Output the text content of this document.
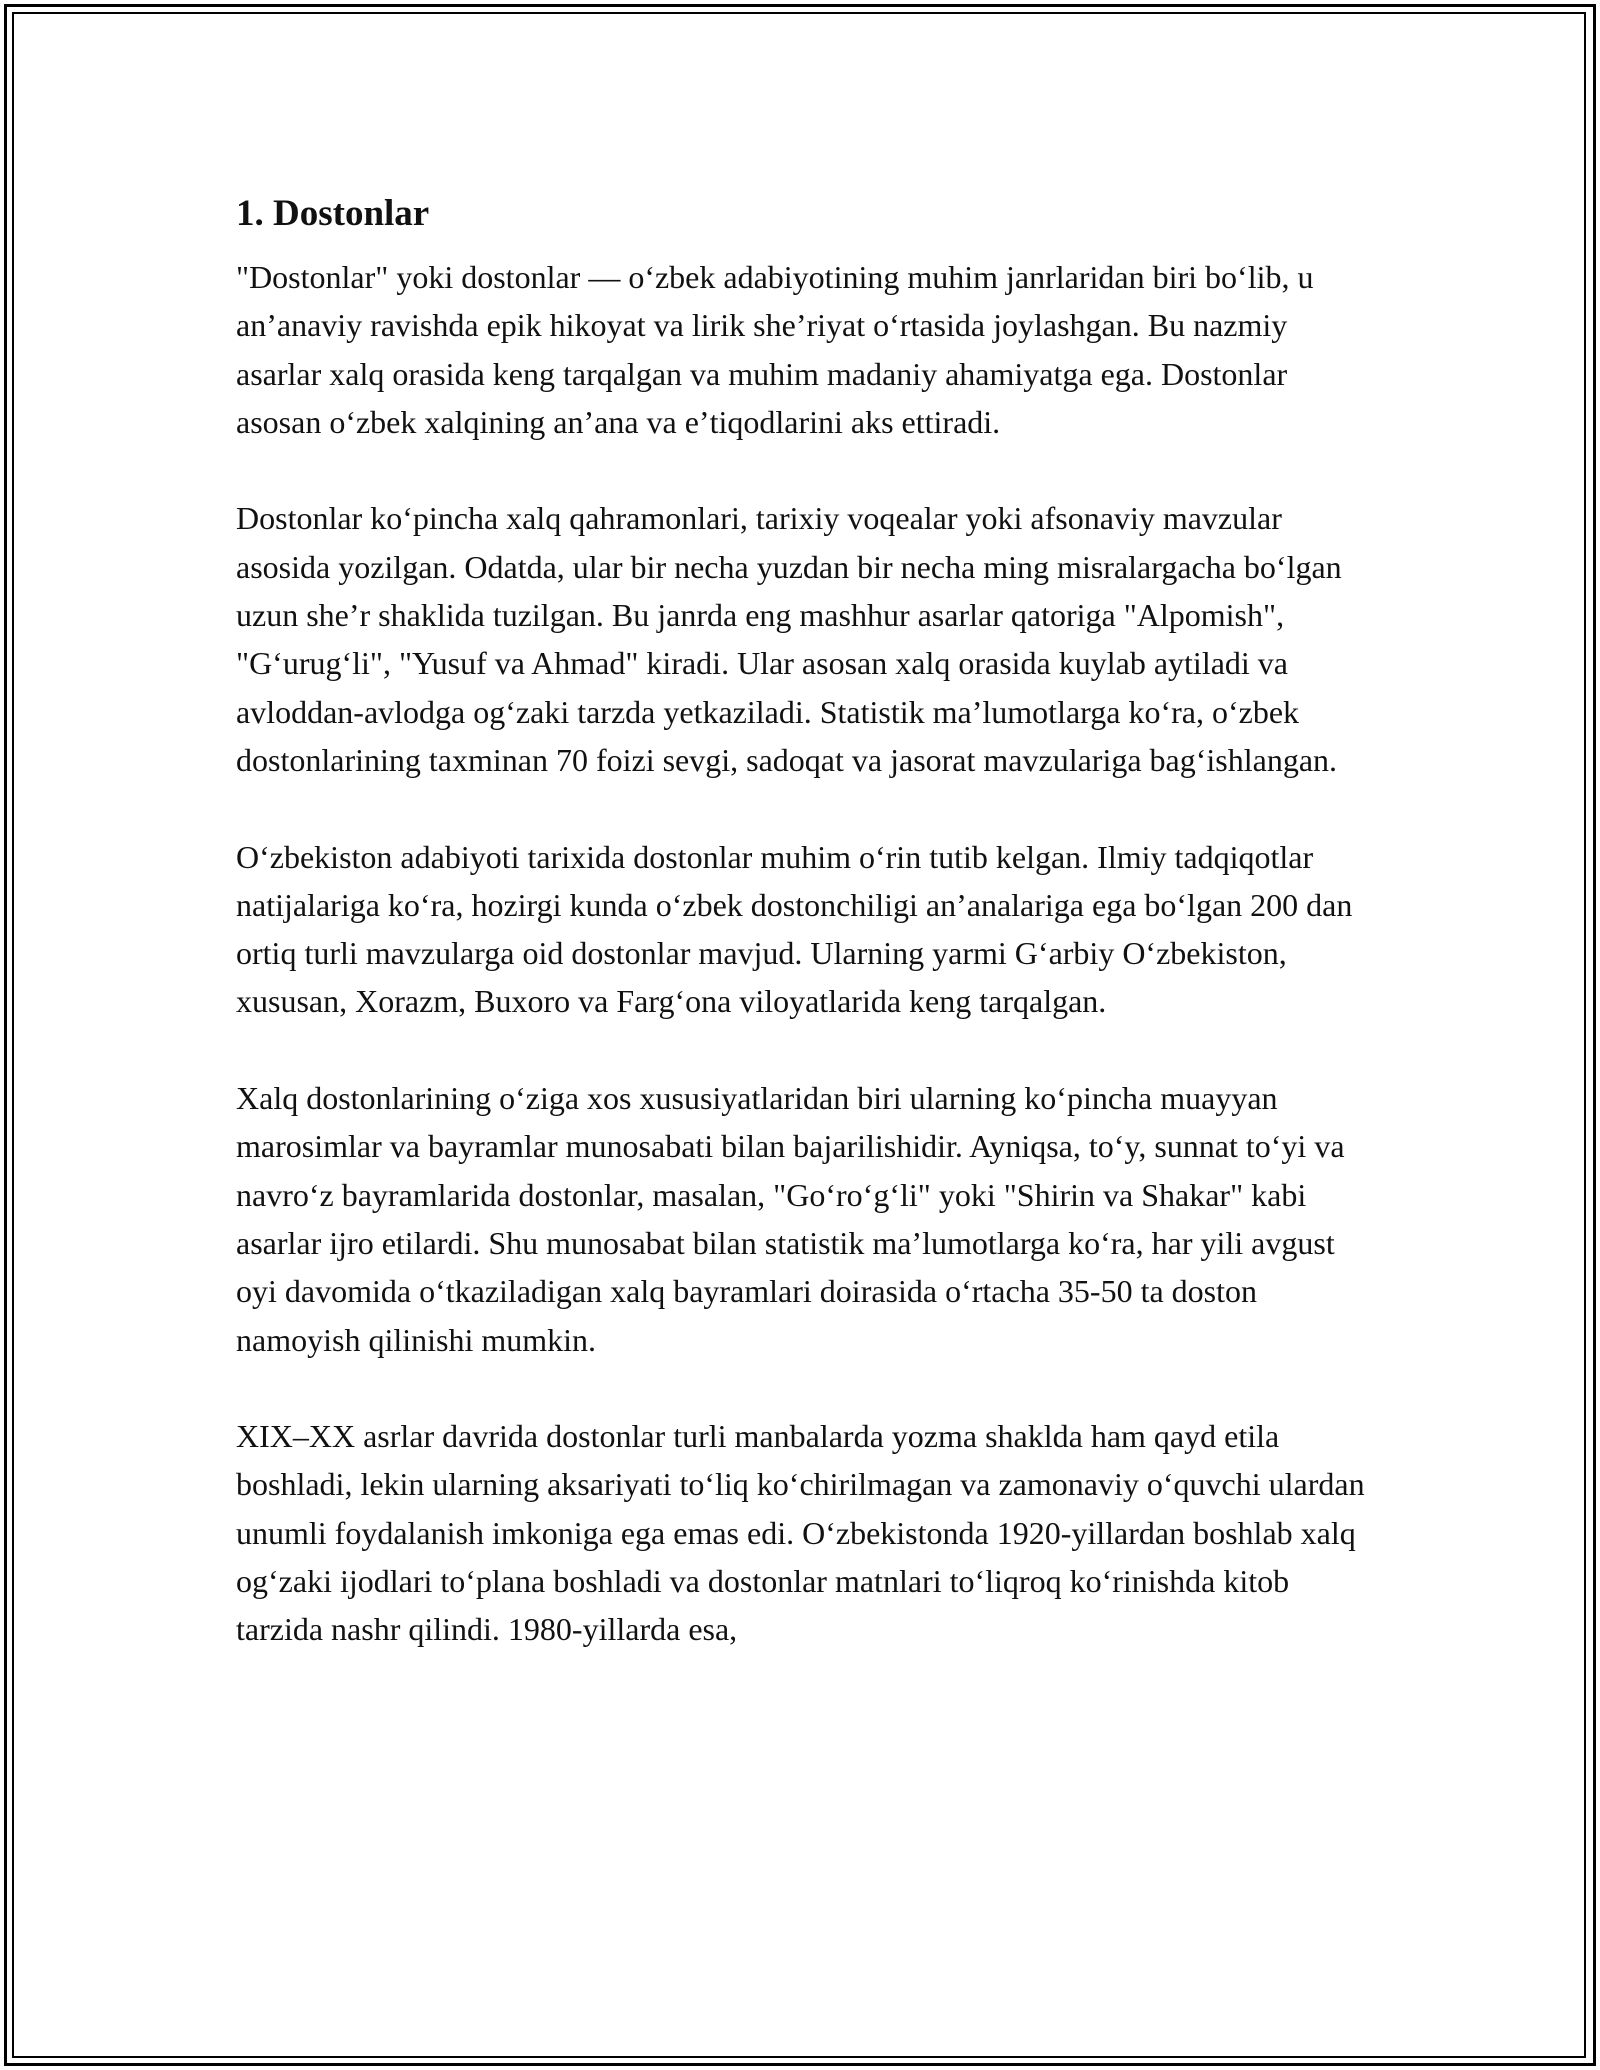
1. Dostonlar

"Dostonlar" yoki dostonlar — oʻzbek adabiyotining muhim janrlaridan biri boʻlib, u anʼanaviy ravishda epik hikoyat va lirik sheʼriyat oʻrtasida joylashgan. Bu nazmiy asarlar xalq orasida keng tarqalgan va muhim madaniy ahamiyatga ega. Dostonlar asosan oʻzbek xalqining anʼana va eʼtiqodlarini aks ettiradi.

Dostonlar koʻpincha xalq qahramonlari, tarixiy voqealar yoki afsonaviy mavzular asosida yozilgan. Odatda, ular bir necha yuzdan bir necha ming misralargacha boʻlgan uzun sheʼr shaklida tuzilgan. Bu janrda eng mashhur asarlar qatoriga "Alpomish", "Gʻurugʻli", "Yusuf va Ahmad" kiradi. Ular asosan xalq orasida kuylab aytiladi va avloddan-avlodga ogʻzaki tarzda yetkaziladi. Statistik maʼlumotlarga koʻra, oʻzbek dostonlarining taxminan 70 foizi sevgi, sadoqat va jasorat mavzulariga bagʻishlangan.

Oʻzbekiston adabiyoti tarixida dostonlar muhim oʻrin tutib kelgan. Ilmiy tadqiqotlar natijalariga koʻra, hozirgi kunda oʻzbek dostonchiligi anʼanalariga ega boʻlgan 200 dan ortiq turli mavzularga oid dostonlar mavjud. Ularning yarmi Gʻarbiy Oʻzbekiston, xususan, Xorazm, Buxoro va Fargʻona viloyatlarida keng tarqalgan.

Xalq dostonlarining oʻziga xos xususiyatlaridan biri ularning koʻpincha muayyan marosimlar va bayramlar munosabati bilan bajarilishidir. Ayniqsa, toʻy, sunnat toʻyi va navroʻz bayramlarida dostonlar, masalan, "Goʻroʻgʻli" yoki "Shirin va Shakar" kabi asarlar ijro etilardi. Shu munosabat bilan statistik maʼlumotlarga koʻra, har yili avgust oyi davomida oʻtkaziladigan xalq bayramlari doirasida oʻrtacha 35-50 ta doston namoyish qilinishi mumkin.

XIX–XX asrlar davrida dostonlar turli manbalarda yozma shaklda ham qayd etila boshladi, lekin ularning aksariyati toʻliq koʻchirilmagan va zamonaviy oʻquvchi ulardan unumli foydalanish imkoniga ega emas edi. Oʻzbekistonda 1920-yillardan boshlab xalq ogʻzaki ijodlari toʻplana boshladi va dostonlar matnlari toʻliqroq koʻrinishda kitob tarzida nashr qilindi. 1980-yillarda esa,
